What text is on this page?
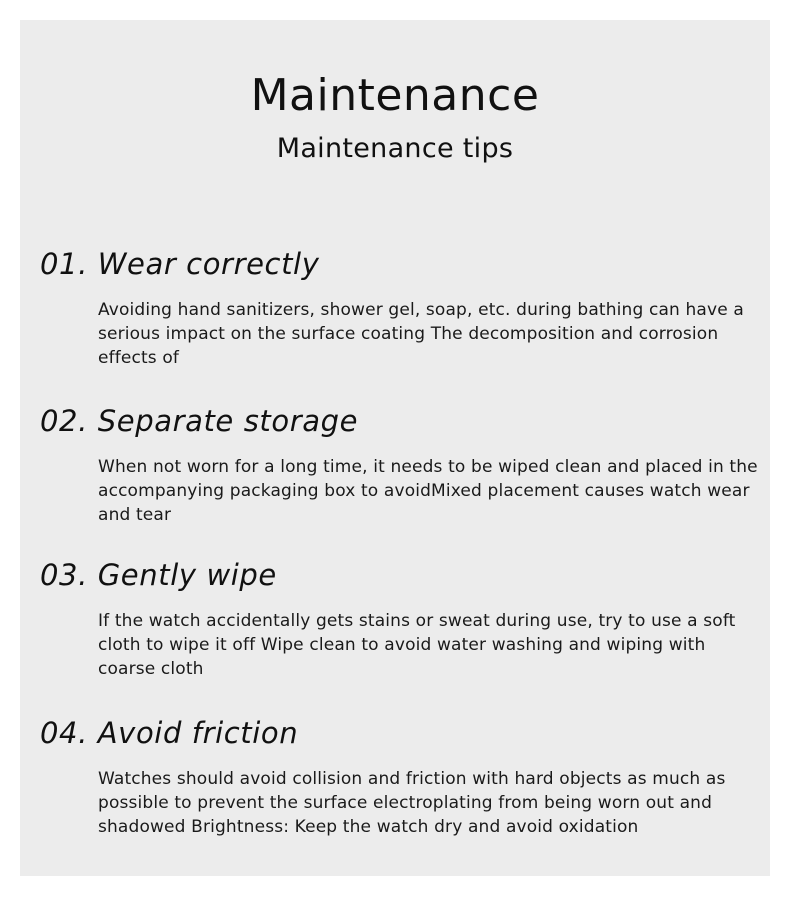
Maintenance
Maintenance tips
01. Wear correctly

Avoiding hand sanitizers, shower gel, soap, etc. during bathing can have a serious impact on the surface coating The decomposition and corrosion effects of

02. Separate storage

When not worn for a long time, it needs to be wiped clean and placed in the accompanying packaging box to avoidMixed placement causes watch wear and tear

03. Gently wipe

If the watch accidentally gets stains or sweat during use, try to use a soft cloth to wipe it off Wipe clean to avoid water washing and wiping with coarse cloth

04. Avoid friction

Watches should avoid collision and friction with hard objects as much as possible to prevent the surface electroplating from being worn out and shadowed Brightness: Keep the watch dry and avoid oxidation
